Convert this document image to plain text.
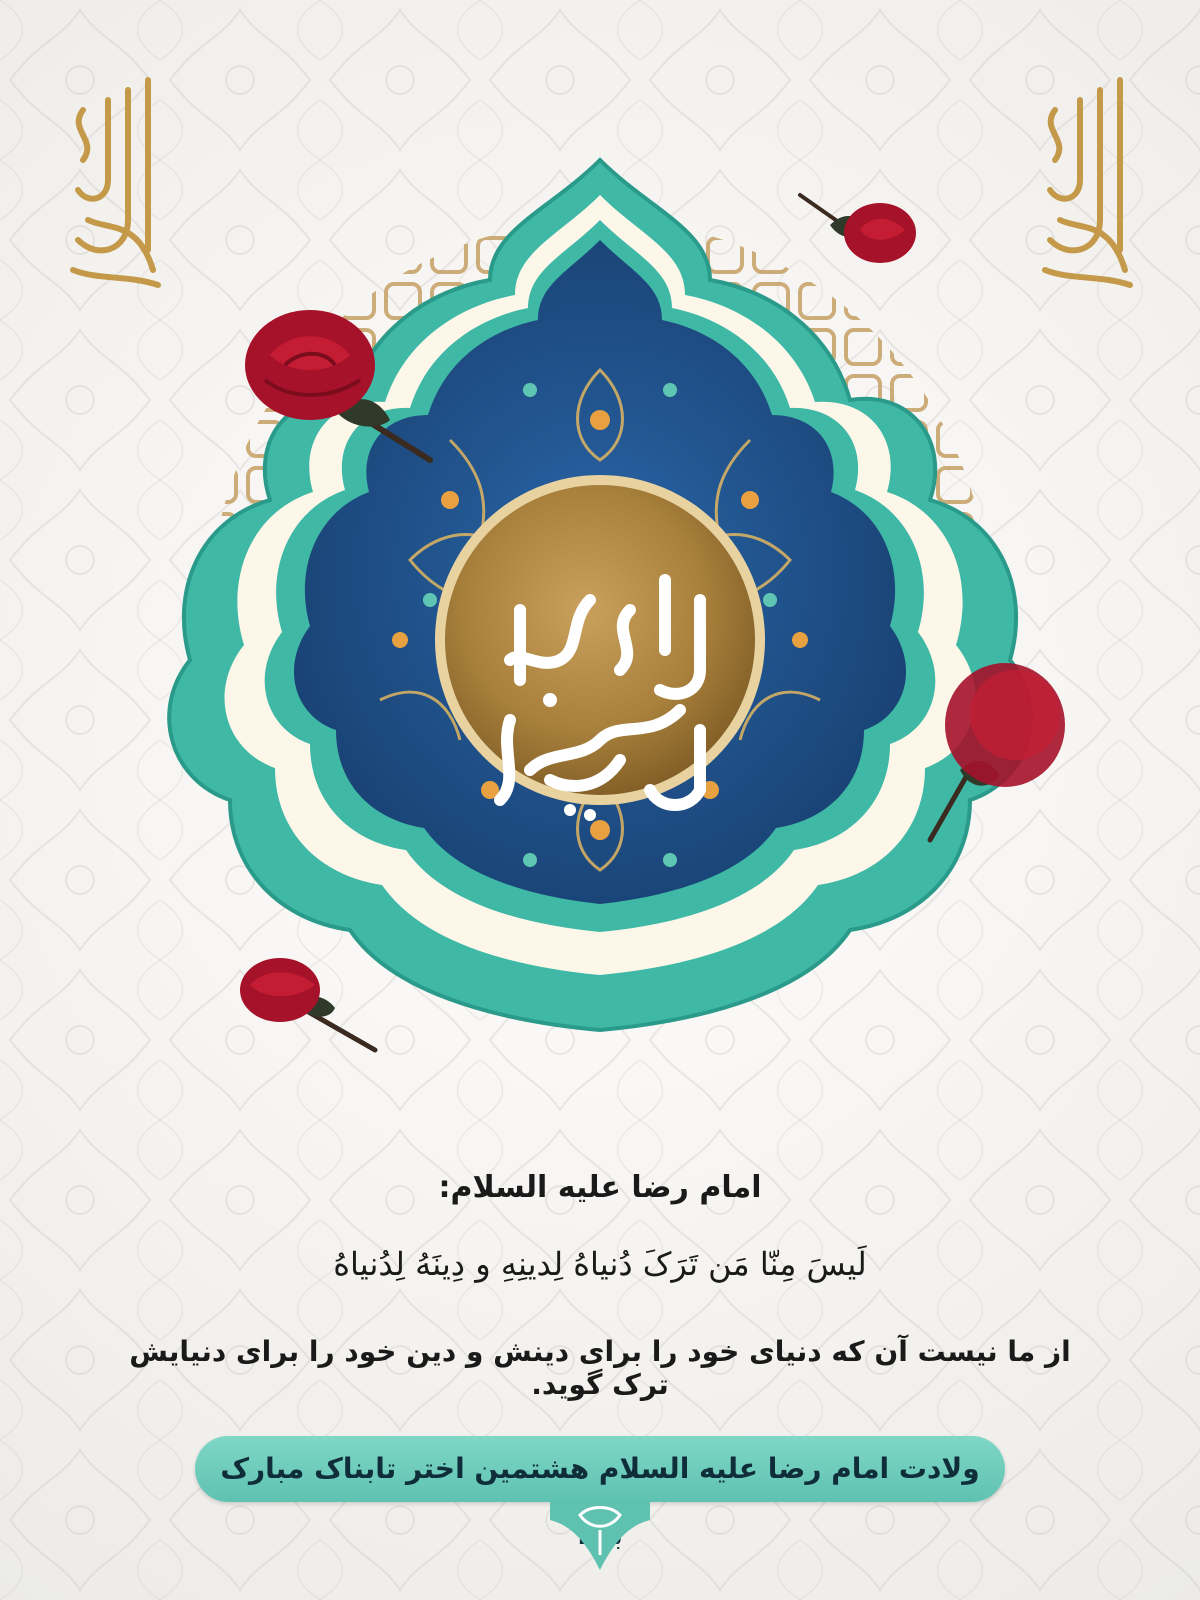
امام رضا علیه السلام:
لَیسَ مِنّا مَن تَرَکَ دُنیاهُ لِدینِهِ و دِینَهُ لِدُنیاهُ
از ما نیست آن که دنیای خود را برای دینش و دین خود را برای دنیایش ترک گوید.
ولادت امام رضا علیه السلام هشتمین اختر تابناک مبارک
